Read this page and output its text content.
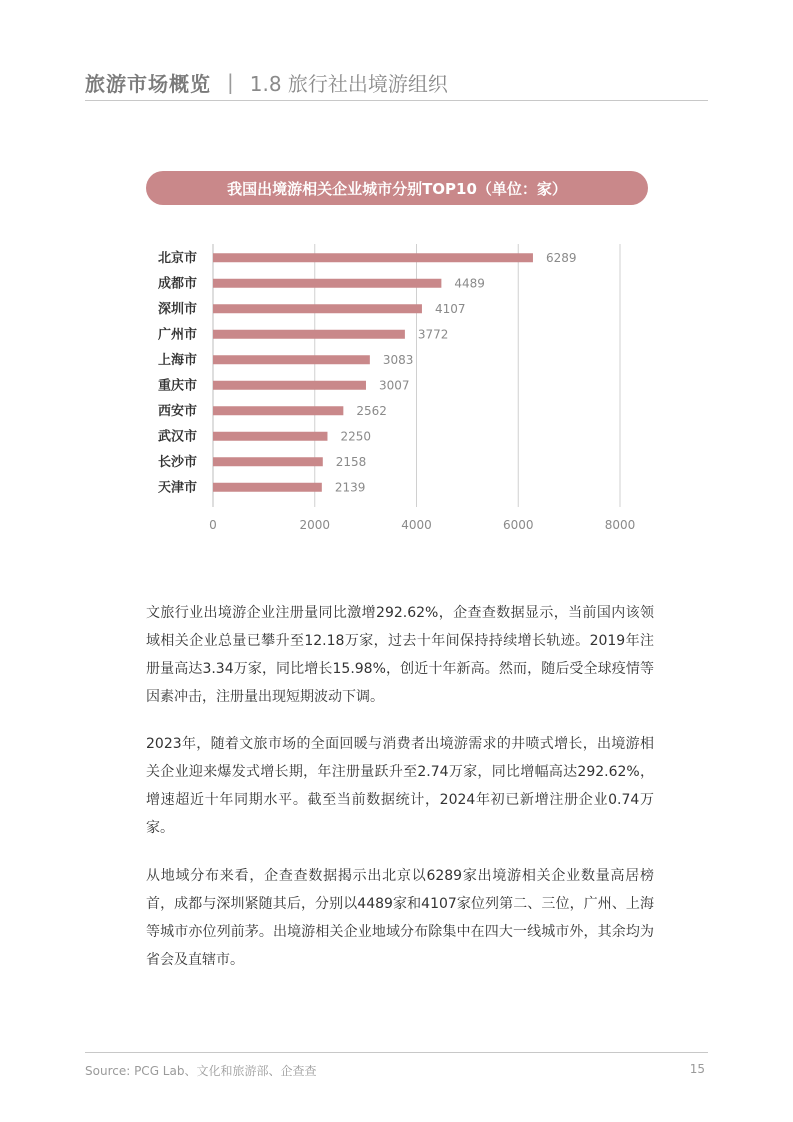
旅游市场概览 | 1.8 旅行社出境游组织
我国出境游相关企业城市分别TOP10（单位：家）
北京市	6289
成都市	4489
深圳市	4107
广州市	3772
上海市	3083
重庆市	3007
西安市	2562
武汉市	2250
长沙市	2158
天津市	2139
0	2000	4000	6000	8000

文旅行业出境游企业注册量同比激增292.62%，企查查数据显示，当前国内该领域相关企业总量已攀升至12.18万家，过去十年间保持持续增长轨迹。2019年注册量高达3.34万家，同比增长15.98%，创近十年新高。然而，随后受全球疫情等因素冲击，注册量出现短期波动下调。

2023年，随着文旅市场的全面回暖与消费者出境游需求的井喷式增长，出境游相关企业迎来爆发式增长期，年注册量跃升至2.74万家，同比增幅高达292.62%，增速超近十年同期水平。截至当前数据统计，2024年初已新增注册企业0.74万家。

从地域分布来看，企查查数据揭示出北京以6289家出境游相关企业数量高居榜首，成都与深圳紧随其后，分别以4489家和4107家位列第二、三位，广州、上海等城市亦位列前茅。出境游相关企业地域分布除集中在四大一线城市外，其余均为省会及直辖市。

Source: PCG Lab、文化和旅游部、企查查	15
